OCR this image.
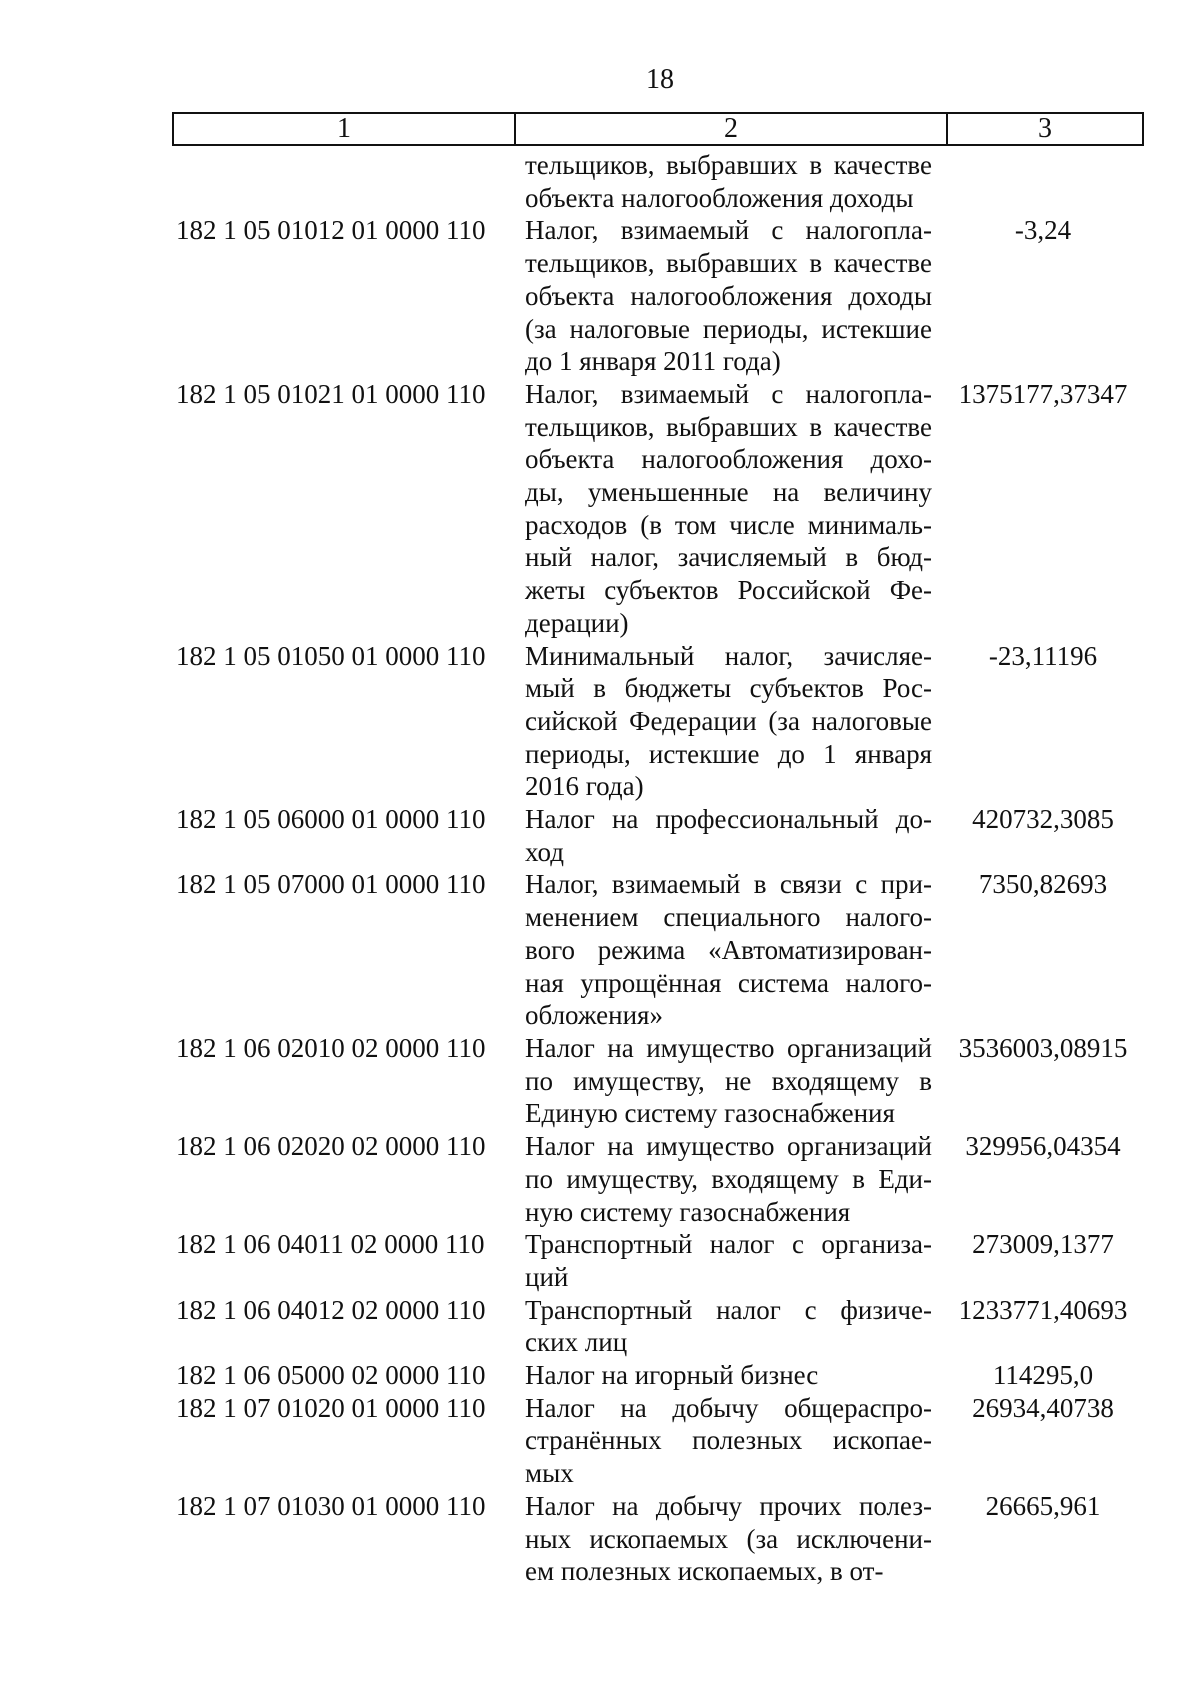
18
1	2	3
тельщиков, выбравших в качестве
объекта налогообложения доходы
182 1 05 01012 01 0000 110	Налог, взимаемый с налогопла-
тельщиков, выбравших в качестве
объекта налогообложения доходы
(за налоговые периоды, истекшие
до 1 января 2011 года)
-3,24
182 1 05 01021 01 0000 110	Налог, взимаемый с налогопла-
тельщиков, выбравших в качестве
объекта налогообложения дохо-
ды, уменьшенные на величину
расходов (в том числе минималь-
ный налог, зачисляемый в бюд-
жеты субъектов Российской Фе-
дерации)
1375177,37347
182 1 05 01050 01 0000 110	Минимальный налог, зачисляе-
мый в бюджеты субъектов Рос-
сийской Федерации (за налоговые
периоды, истекшие до 1 января
2016 года)
-23,11196
182 1 05 06000 01 0000 110	Налог на профессиональный до-
ход
420732,3085
182 1 05 07000 01 0000 110	Налог, взимаемый в связи с при-
менением специального налого-
вого режима «Автоматизирован-
ная упрощённая система налого-
обложения»
7350,82693
182 1 06 02010 02 0000 110	Налог на имущество организаций
по имуществу, не входящему в
Единую систему газоснабжения
3536003,08915
182 1 06 02020 02 0000 110	Налог на имущество организаций
по имуществу, входящему в Еди-
ную систему газоснабжения
329956,04354
182 1 06 04011 02 0000 110	Транспортный налог с организа-
ций
273009,1377
182 1 06 04012 02 0000 110	Транспортный налог с физиче-
ских лиц
1233771,40693
182 1 06 05000 02 0000 110	Налог на игорный бизнес	114295,0
182 1 07 01020 01 0000 110	Налог на добычу общераспро-
странённых полезных ископае-
мых
26934,40738
182 1 07 01030 01 0000 110	Налог на добычу прочих полез-
ных ископаемых (за исключени-
ем полезных ископаемых, в от-
26665,961
